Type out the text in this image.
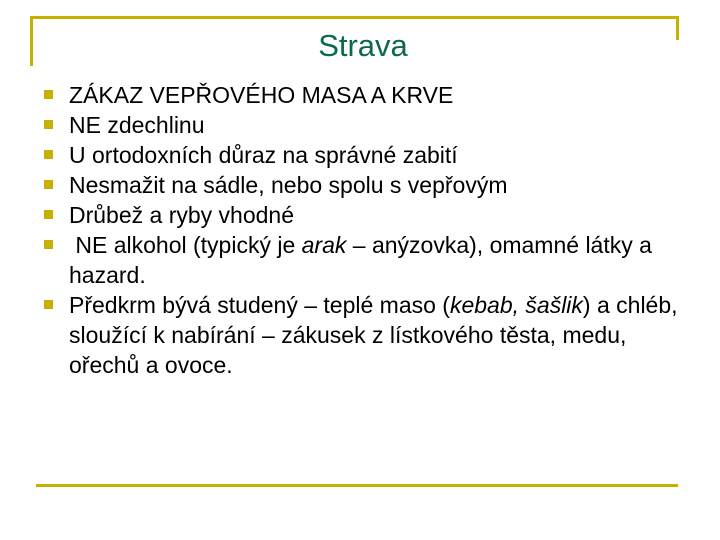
Strava
ZÁKAZ VEPŘOVÉHO MASA A KRVE
NE zdechlinu
U ortodoxních důraz na správné zabití
Nesmažit na sádle, nebo spolu s vepřovým
Drůbež a ryby vhodné
NE alkohol (typický je arak – anýzovka), omamné látky a hazard.
Předkrm bývá studený – teplé maso (kebab, šašlik) a chléb, sloužící k nabírání – zákusek z lístkového těsta, medu, ořechů a ovoce.
